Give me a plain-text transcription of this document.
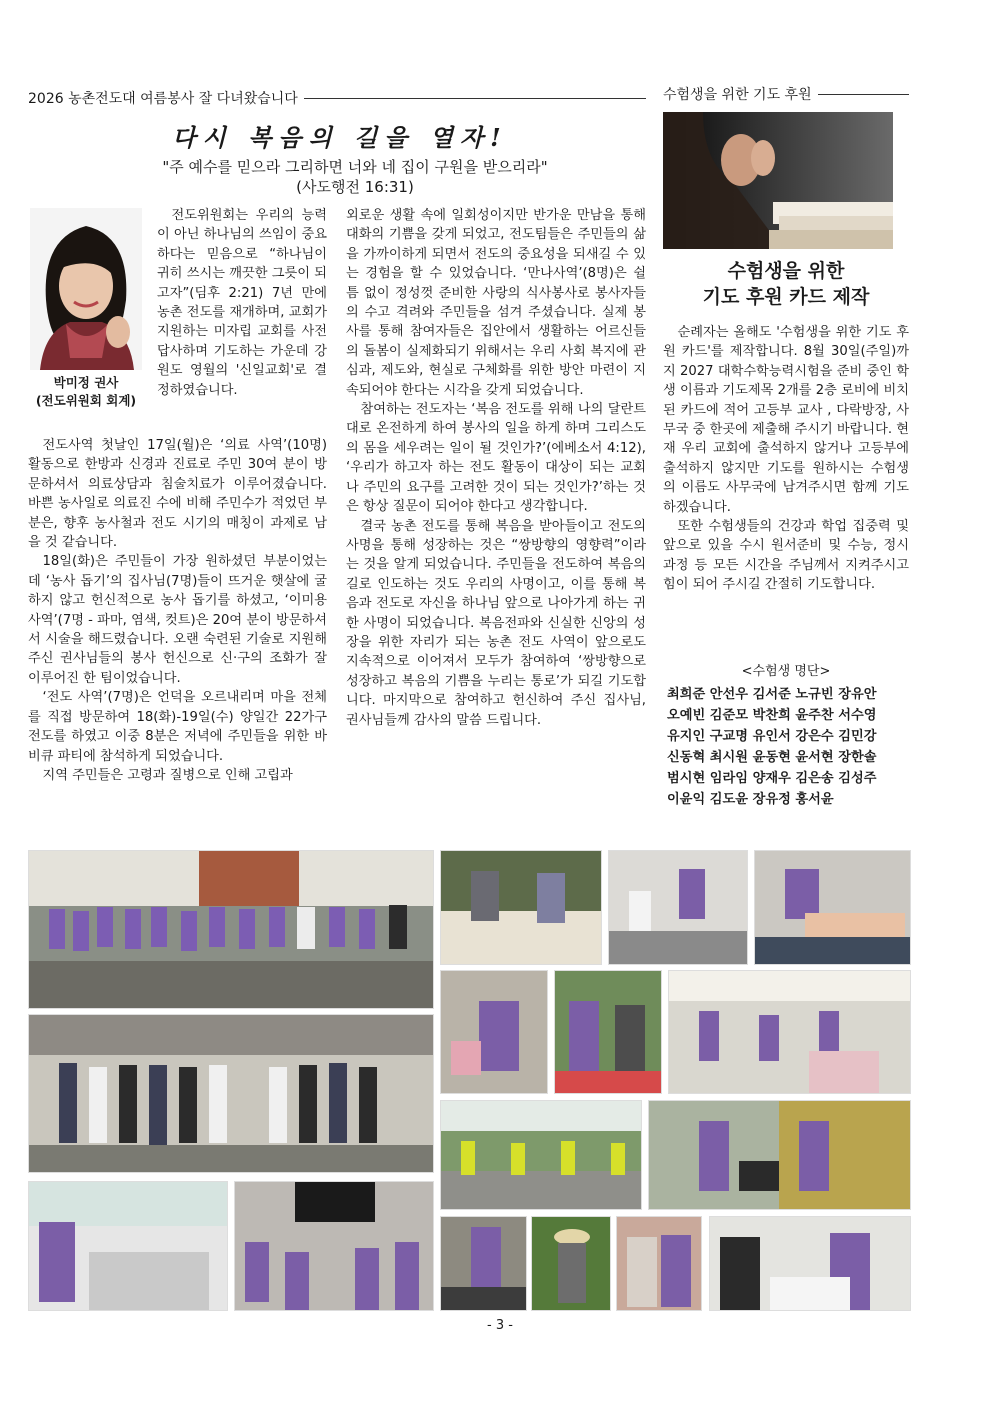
2026 농촌전도대 여름봉사 잘 다녀왔습니다	수험생을 위한 기도 후원
다시 복음의 길을 열자!
"주 예수를 믿으라 그리하면 너와 네 집이 구원을 받으리라"
(사도행전 16:31)
박미정 권사
(전도위원회 회계)

전도위원회는 우리의 능력이 아닌 하나님의 쓰임이 중요하다는 믿음으로 “하나님이 귀히 쓰시는 깨끗한 그릇이 되고자”(딤후 2:21) 7년 만에 농촌 전도를 재개하며, 교회가 지원하는 미자립 교회를 사전 답사하며 기도하는 가운데 강원도 영월의 '신일교회'로 결정하였습니다.

전도사역 첫날인 17일(월)은 ‘의료 사역’(10명) 활동으로 한방과 신경과 진료로 주민 30여 분이 방문하셔서 의료상담과 침술치료가 이루어졌습니다. 바쁜 농사일로 의료진 수에 비해 주민수가 적었던 부분은, 향후 농사철과 전도 시기의 매칭이 과제로 남을 것 같습니다.

18일(화)은 주민들이 가장 원하셨던 부분이었는데 ‘농사 돕기’의 집사님(7명)들이 뜨거운 햇살에 굴하지 않고 헌신적으로 농사 돕기를 하셨고, ‘이미용 사역’(7명 - 파마, 염색, 컷트)은 20여 분이 방문하셔서 시술을 해드렸습니다. 오랜 숙련된 기술로 지원해 주신 권사님들의 봉사 헌신으로 신·구의 조화가 잘 이루어진 한 팀이었습니다.

‘전도 사역’(7명)은 언덕을 오르내리며 마을 전체를 직접 방문하여 18(화)-19일(수) 양일간 22가구 전도를 하였고 이중 8분은 저녁에 주민들을 위한 바비큐 파티에 참석하게 되었습니다.

지역 주민들은 고령과 질병으로 인해 고립과

외로운 생활 속에 일회성이지만 반가운 만남을 통해 대화의 기쁨을 갖게 되었고, 전도팀들은 주민들의 삶을 가까이하게 되면서 전도의 중요성을 되새길 수 있는 경험을 할 수 있었습니다. ‘만나사역’(8명)은 쉴 틈 없이 정성껏 준비한 사랑의 식사봉사로 봉사자들의 수고 격려와 주민들을 섬겨 주셨습니다. 실제 봉사를 통해 참여자들은 집안에서 생활하는 어르신들의 돌봄이 실제화되기 위해서는 우리 사회 복지에 관심과, 제도와, 현실로 구체화를 위한 방안 마련이 지속되어야 한다는 시각을 갖게 되었습니다.

참여하는 전도자는 ‘복음 전도를 위해 나의 달란트대로 온전하게 하여 봉사의 일을 하게 하며 그리스도의 몸을 세우려는 일이 될 것인가?’(에베소서 4:12), ‘우리가 하고자 하는 전도 활동이 대상이 되는 교회나 주민의 요구를 고려한 것이 되는 것인가?’하는 것은 항상 질문이 되어야 한다고 생각합니다.

결국 농촌 전도를 통해 복음을 받아들이고 전도의 사명을 통해 성장하는 것은 “쌍방향의 영향력”이라는 것을 알게 되었습니다. 주민들을 전도하여 복음의 길로 인도하는 것도 우리의 사명이고, 이를 통해 복음과 전도로 자신을 하나님 앞으로 나아가게 하는 귀한 사명이 되었습니다. 복음전파와 신실한 신앙의 성장을 위한 자리가 되는 농촌 전도 사역이 앞으로도 지속적으로 이어져서 모두가 참여하여 ‘쌍방향으로 성장하고 복음의 기쁨을 누리는 통로’가 되길 기도합니다. 마지막으로 참여하고 헌신하여 주신 집사님, 권사님들께 감사의 말씀 드립니다.

수험생을 위한
기도 후원 카드 제작

순례자는 올해도 '수험생을 위한 기도 후원 카드'를 제작합니다. 8월 30일(주일)까지 2027 대학수학능력시험을 준비 중인 학생 이름과 기도제목 2개를 2층 로비에 비치된 카드에 적어 고등부 교사 , 다락방장, 사무국 중 한곳에 제출해 주시기 바랍니다. 현재 우리 교회에 출석하지 않거나 고등부에 출석하지 않지만 기도를 원하시는 수험생의 이름도 사무국에 남겨주시면 함께 기도하겠습니다.

또한 수험생들의 건강과 학업 집중력 및 앞으로 있을 수시 원서준비 및 수능, 정시 과정 등 모든 시간을 주님께서 지켜주시고 힘이 되어 주시길 간절히 기도합니다.

<수험생 명단>
최희준 안선우 김서준 노규빈 장유안
오예빈 김준모 박찬희 윤주찬 서수영
유지인 구교명 유인서 강은수 김민강
신동혁 최시원 윤동현 윤서현 장한솔
범시현 임라임 양재우 김은송 김성주
이윤익 김도윤 장유정 홍서윤
- 3 -
